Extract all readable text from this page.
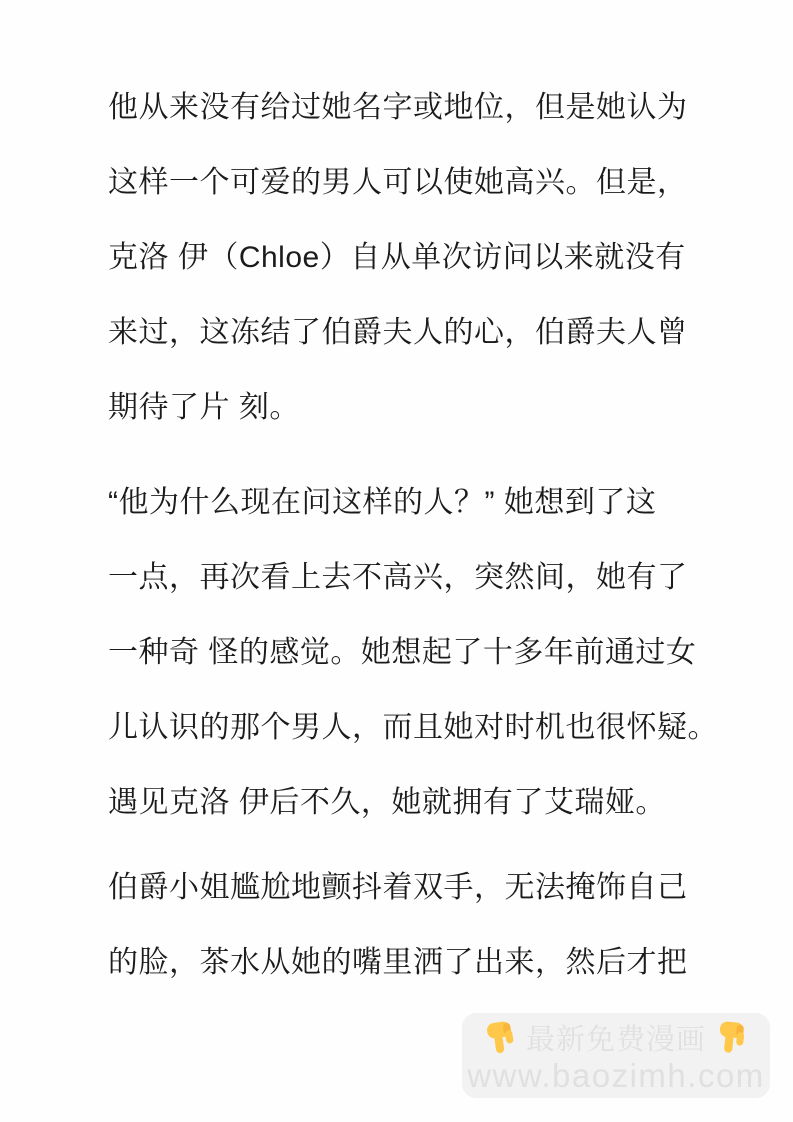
他从来没有给过她名字或地位，但是她认为
这样一个可爱的男人可以使她高兴。但是，
克洛 伊（Chloe）自从单次访问以来就没有
来过，这冻结了伯爵夫人的心，伯爵夫人曾
期待了片 刻。
“他为什么现在问这样的人？” 她想到了这
一点，再次看上去不高兴，突然间，她有了
一种奇 怪的感觉。她想起了十多年前通过女
儿认识的那个男人，而且她对时机也很怀疑。
遇见克洛 伊后不久，她就拥有了艾瑞娅。
伯爵小姐尴尬地颤抖着双手，无法掩饰自己
的脸，茶水从她的嘴里洒了出来，然后才把
最新免费漫画
www.baozimh.com
